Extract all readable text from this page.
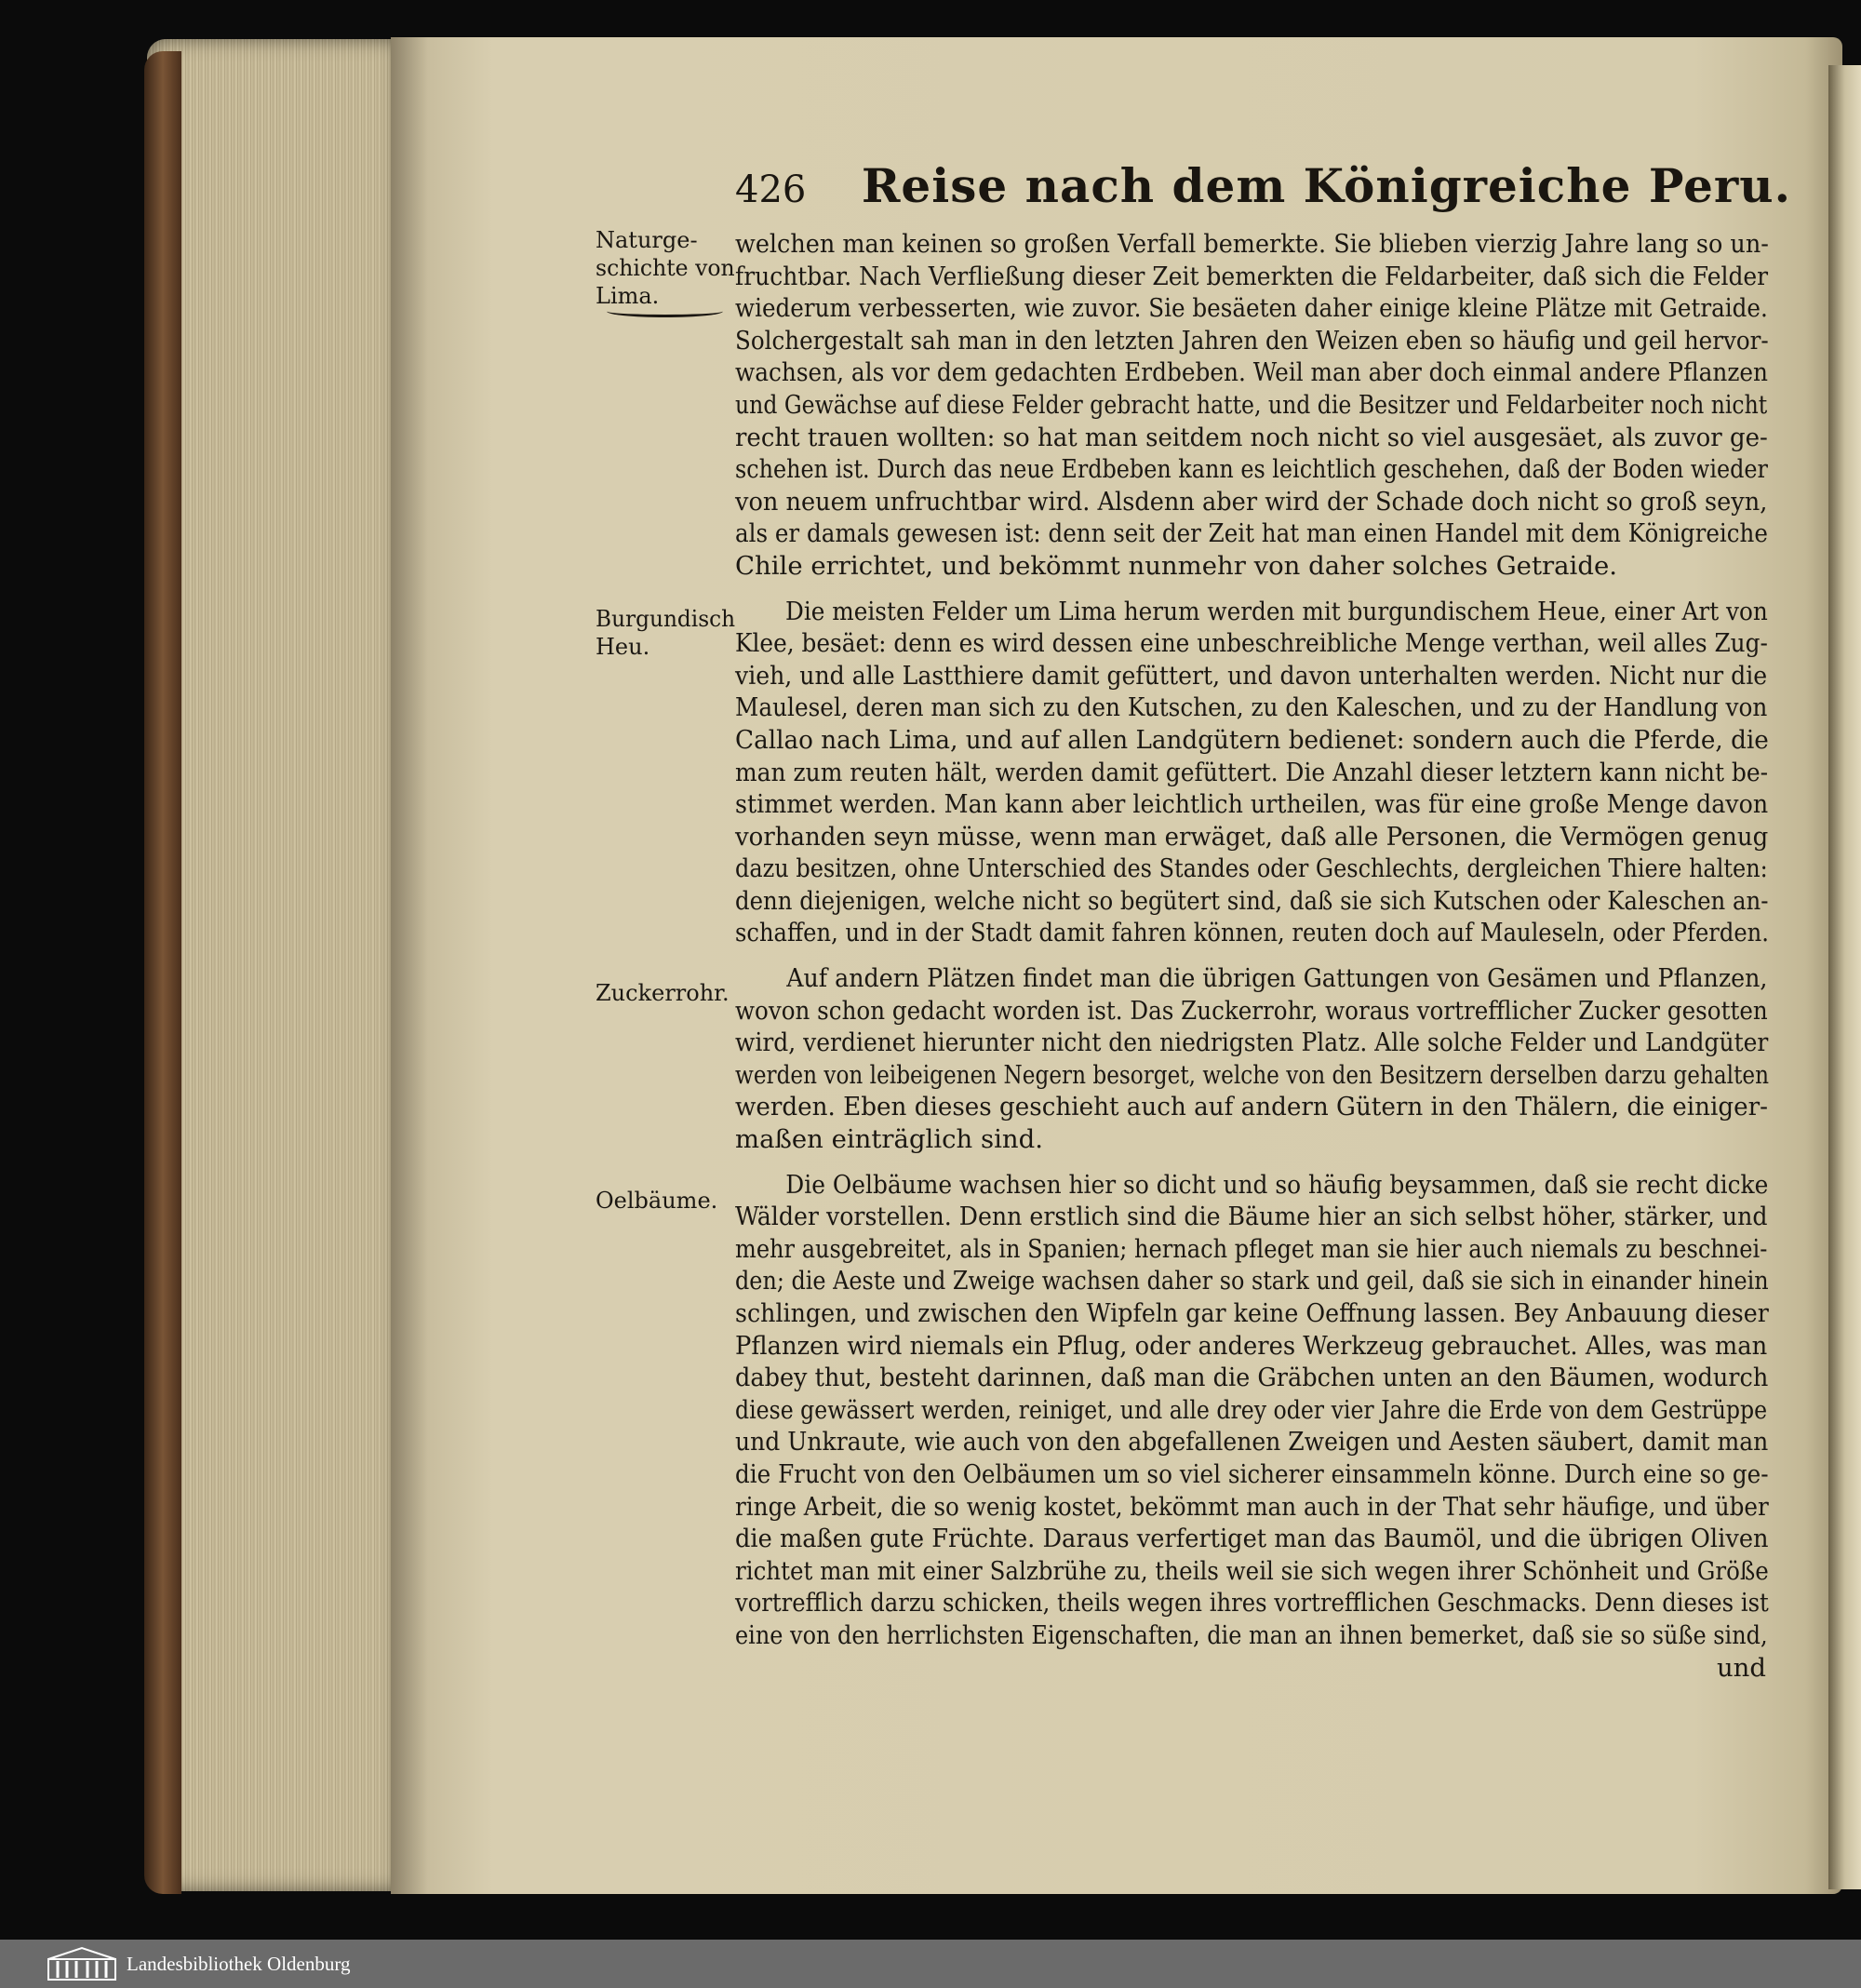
426 Reise nach dem Königreiche Peru.
Naturge-
schichte von
Lima.
Burgundisch
Heu.
Zuckerrohr.
Oelbäume.
welchen man keinen so großen Verfall bemerkte. Sie blieben vierzig Jahre lang so un-
fruchtbar. Nach Verfließung dieser Zeit bemerkten die Feldarbeiter, daß sich die Felder
wiederum verbesserten, wie zuvor. Sie besäeten daher einige kleine Plätze mit Getraide.
Solchergestalt sah man in den letzten Jahren den Weizen eben so häufig und geil hervor-
wachsen, als vor dem gedachten Erdbeben. Weil man aber doch einmal andere Pflanzen
und Gewächse auf diese Felder gebracht hatte, und die Besitzer und Feldarbeiter noch nicht
recht trauen wollten: so hat man seitdem noch nicht so viel ausgesäet, als zuvor ge-
schehen ist. Durch das neue Erdbeben kann es leichtlich geschehen, daß der Boden wieder
von neuem unfruchtbar wird. Alsdenn aber wird der Schade doch nicht so groß seyn,
als er damals gewesen ist: denn seit der Zeit hat man einen Handel mit dem Königreiche
Chile errichtet, und bekömmt nunmehr von daher solches Getraide.
Die meisten Felder um Lima herum werden mit burgundischem Heue, einer Art von
Klee, besäet: denn es wird dessen eine unbeschreibliche Menge verthan, weil alles Zug-
vieh, und alle Lastthiere damit gefüttert, und davon unterhalten werden. Nicht nur die
Maulesel, deren man sich zu den Kutschen, zu den Kaleschen, und zu der Handlung von
Callao nach Lima, und auf allen Landgütern bedienet: sondern auch die Pferde, die
man zum reuten hält, werden damit gefüttert. Die Anzahl dieser letztern kann nicht be-
stimmet werden. Man kann aber leichtlich urtheilen, was für eine große Menge davon
vorhanden seyn müsse, wenn man erwäget, daß alle Personen, die Vermögen genug
dazu besitzen, ohne Unterschied des Standes oder Geschlechts, dergleichen Thiere halten:
denn diejenigen, welche nicht so begütert sind, daß sie sich Kutschen oder Kaleschen an-
schaffen, und in der Stadt damit fahren können, reuten doch auf Mauleseln, oder Pferden.
Auf andern Plätzen findet man die übrigen Gattungen von Gesämen und Pflanzen,
wovon schon gedacht worden ist. Das Zuckerrohr, woraus vortrefflicher Zucker gesotten
wird, verdienet hierunter nicht den niedrigsten Platz. Alle solche Felder und Landgüter
werden von leibeigenen Negern besorget, welche von den Besitzern derselben darzu gehalten
werden. Eben dieses geschieht auch auf andern Gütern in den Thälern, die einiger-
maßen einträglich sind.
Die Oelbäume wachsen hier so dicht und so häufig beysammen, daß sie recht dicke
Wälder vorstellen. Denn erstlich sind die Bäume hier an sich selbst höher, stärker, und
mehr ausgebreitet, als in Spanien; hernach pfleget man sie hier auch niemals zu beschnei-
den; die Aeste und Zweige wachsen daher so stark und geil, daß sie sich in einander hinein
schlingen, und zwischen den Wipfeln gar keine Oeffnung lassen. Bey Anbauung dieser
Pflanzen wird niemals ein Pflug, oder anderes Werkzeug gebrauchet. Alles, was man
dabey thut, besteht darinnen, daß man die Gräbchen unten an den Bäumen, wodurch
diese gewässert werden, reiniget, und alle drey oder vier Jahre die Erde von dem Gestrüppe
und Unkraute, wie auch von den abgefallenen Zweigen und Aesten säubert, damit man
die Frucht von den Oelbäumen um so viel sicherer einsammeln könne. Durch eine so ge-
ringe Arbeit, die so wenig kostet, bekömmt man auch in der That sehr häufige, und über
die maßen gute Früchte. Daraus verfertiget man das Baumöl, und die übrigen Oliven
richtet man mit einer Salzbrühe zu, theils weil sie sich wegen ihrer Schönheit und Größe
vortrefflich darzu schicken, theils wegen ihres vortrefflichen Geschmacks. Denn dieses ist
eine von den herrlichsten Eigenschaften, die man an ihnen bemerket, daß sie so süße sind,
und
Landesbibliothek Oldenburg
